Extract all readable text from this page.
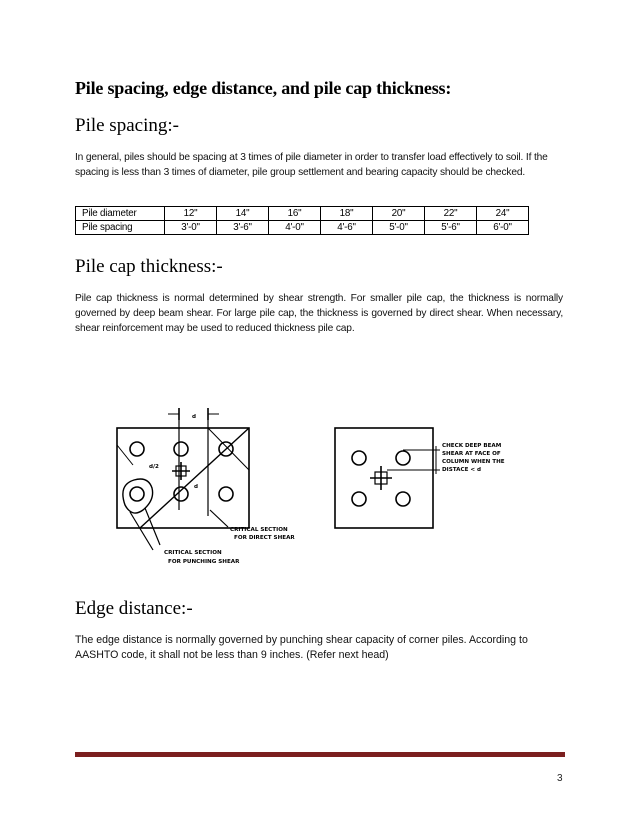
Pile spacing, edge distance, and pile cap thickness:
Pile spacing:-
In general, piles should be spacing at 3 times of pile diameter in order to transfer load effectively to soil. If the spacing is less than 3 times of diameter, pile group settlement and bearing capacity should be checked.
Pile diameter	12"	14"	16"	18"	20"	22"	24"
Pile spacing	3'-0"	3'-6"	4'-0"	4'-6"	5'-0"	5'-6"	6'-0"
Pile cap thickness:-
Pile cap thickness is normal determined by shear strength. For smaller pile cap, the thickness is normally governed by deep beam shear. For large pile cap, the thickness is governed by direct shear. When necessary, shear reinforcement may be used to reduced thickness pile cap.
d
d/2
d
CRITICAL SECTION
FOR DIRECT SHEAR
CRITICAL SECTION
FOR PUNCHING SHEAR
CHECK DEEP BEAM
SHEAR AT FACE OF
COLUMN WHEN THE
DISTACE < d
Edge distance:-
The edge distance is normally governed by punching shear capacity of corner piles. According to AASHTO code, it shall not be less than 9 inches. (Refer next head)
3
